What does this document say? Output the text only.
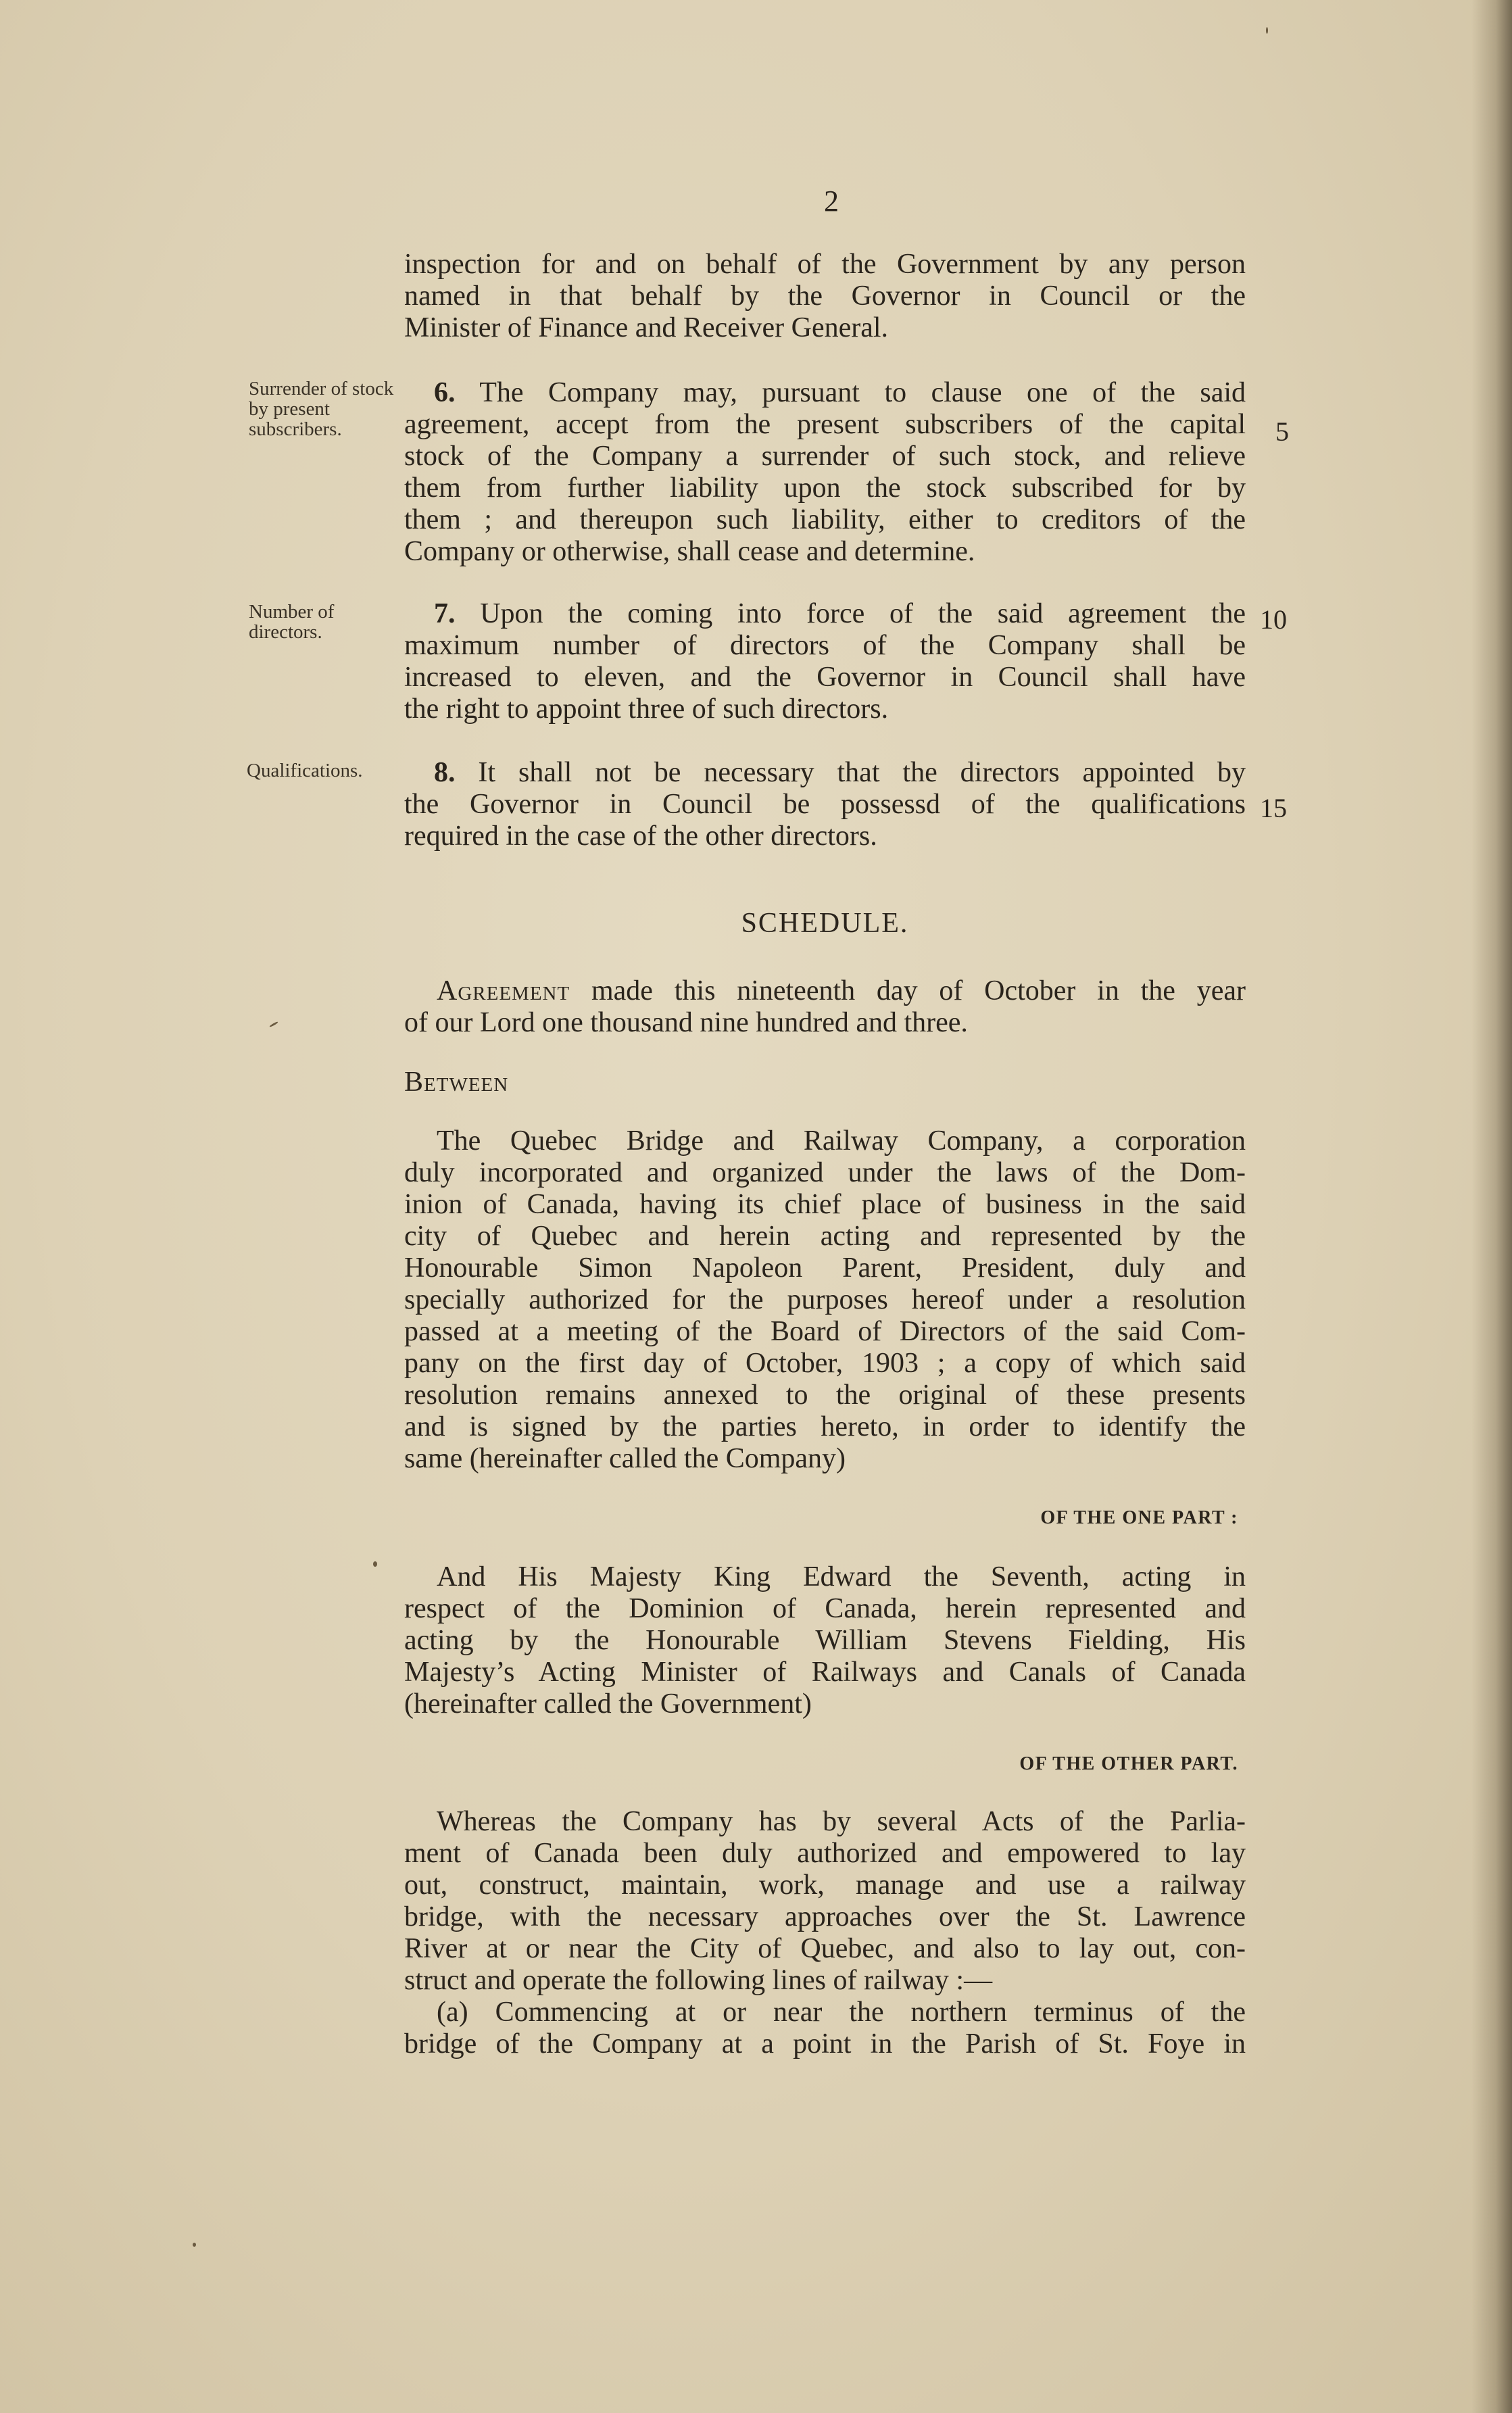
2
inspection for and on behalf of the Government by any person
named in that behalf by the Governor in Council or the
Minister of Finance and Receiver General.
Surrender of stock by present subscribers.
6. The Company may, pursuant to clause one of the said
agreement, accept from the present subscribers of the capital
stock of the Company a surrender of such stock, and relieve
them from further liability upon the stock subscribed for by
them ; and thereupon such liability, either to creditors of the
Company or otherwise, shall cease and determine.
5
Number of directors.
7. Upon the coming into force of the said agreement the
maximum number of directors of the Company shall be
increased to eleven, and the Governor in Council shall have
the right to appoint three of such directors.
10
Qualifications.	8. It shall not be necessary that the directors appointed by
the Governor in Council be possessd of the qualifications
required in the case of the other directors.
15
SCHEDULE.
Agreement made this nineteenth day of October in the year
of our Lord one thousand nine hundred and three.
Between
The Quebec Bridge and Railway Company, a corporation
duly incorporated and organized under the laws of the Dom-
inion of Canada, having its chief place of business in the said
city of Quebec and herein acting and represented by the
Honourable Simon Napoleon Parent, President, duly and
specially authorized for the purposes hereof under a resolution
passed at a meeting of the Board of Directors of the said Com-
pany on the first day of October, 1903 ; a copy of which said
resolution remains annexed to the original of these presents
and is signed by the parties hereto, in order to identify the
same (hereinafter called the Company)
OF THE ONE PART :
And His Majesty King Edward the Seventh, acting in
respect of the Dominion of Canada, herein represented and
acting by the Honourable William Stevens Fielding, His
Majesty’s Acting Minister of Railways and Canals of Canada
(hereinafter called the Government)
OF THE OTHER PART.
Whereas the Company has by several Acts of the Parlia-
ment of Canada been duly authorized and empowered to lay
out, construct, maintain, work, manage and use a railway
bridge, with the necessary approaches over the St. Lawrence
River at or near the City of Quebec, and also to lay out, con-
struct and operate the following lines of railway :—
(a) Commencing at or near the northern terminus of the
bridge of the Company at a point in the Parish of St. Foye in
